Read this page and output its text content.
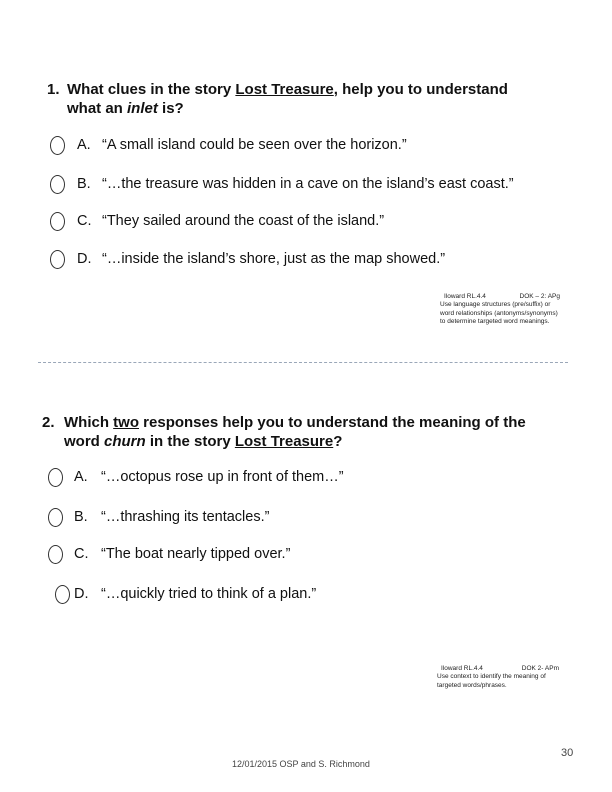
1. What clues in the story Lost Treasure, help you to understand
what an inlet is?
A. “A small island could be seen over the horizon.”
B. “…the treasure was hidden in a cave on the island’s east coast.”
C. “They sailed around the coast of the island.”
D. “…inside the island’s shore, just as the map showed.”
Iloward RL.4.4	DOK – 2: APg
Use language structures (pre/suffix) or word relationships (antonyms/synonyms) to determine targeted word meanings.
2. Which two responses help you to understand the meaning of the
word churn in the story Lost Treasure?
A. “…octopus rose up in front of them…”
B. “…thrashing its tentacles.”
C. “The boat nearly tipped over.”
D. “…quickly tried to think of a plan.”
Iloward RL.4.4	DOK 2- APm
Use context to identify the meaning of targeted words/phrases.
12/01/2015 OSP and S. Richmond
30
